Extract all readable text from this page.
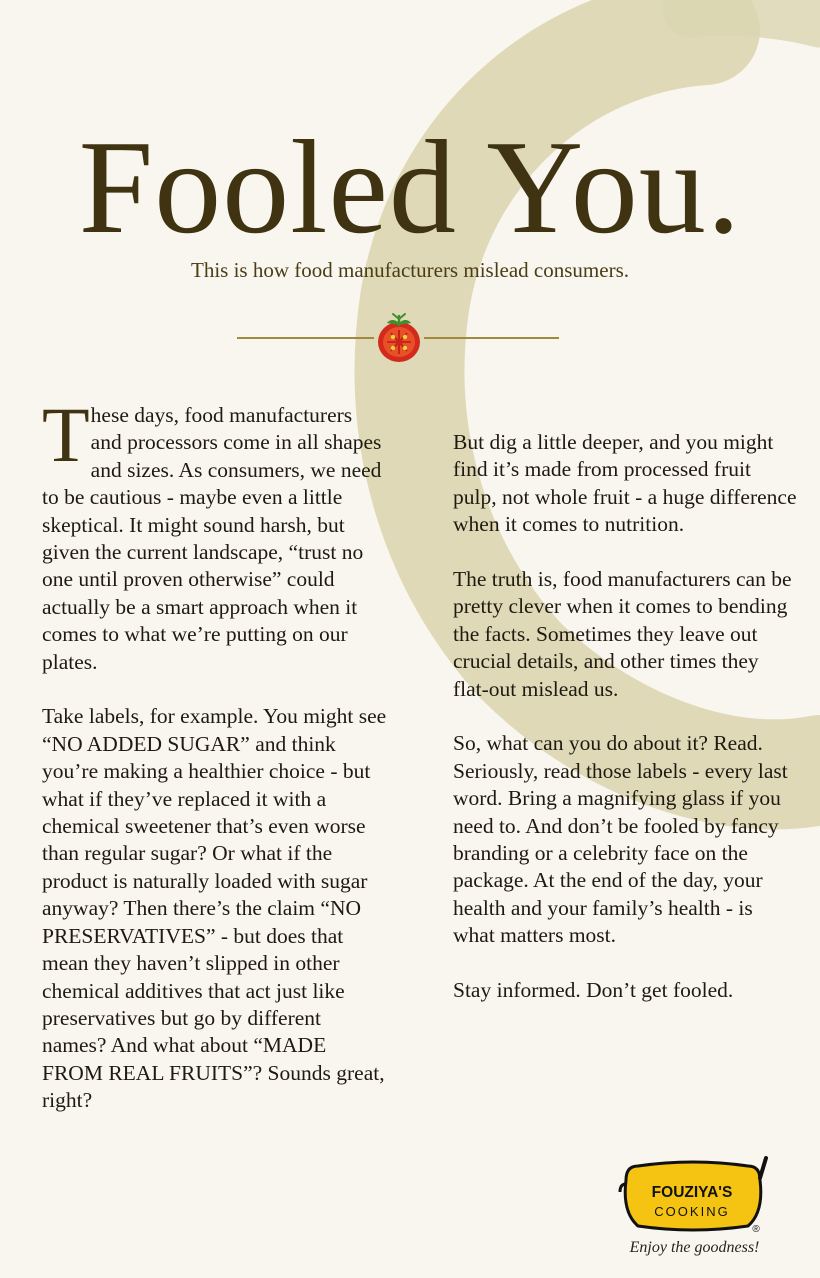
Fooled You.
This is how food manufacturers mislead consumers.

These days, food manufacturers and processors come in all shapes and sizes. As consumers, we need to be cautious - maybe even a little skeptical. It might sound harsh, but given the current landscape, “trust no one until proven otherwise” could actually be a smart approach when it comes to what we’re putting on our plates.

Take labels, for example. You might see “NO ADDED SUGAR” and think you’re making a healthier choice - but what if they’ve replaced it with a chemical sweetener that’s even worse than regular sugar? Or what if the product is naturally loaded with sugar anyway? Then there’s the claim “NO PRESERVATIVES” - but does that mean they haven’t slipped in other chemical additives that act just like preservatives but go by different names? And what about “MADE FROM REAL FRUITS”? Sounds great, right?

But dig a little deeper, and you might find it’s made from processed fruit pulp, not whole fruit - a huge difference when it comes to nutrition.

The truth is, food manufacturers can be pretty clever when it comes to bending the facts. Sometimes they leave out crucial details, and other times they flat-out mislead us.

So, what can you do about it? Read. Seriously, read those labels - every last word. Bring a magnifying glass if you need to. And don’t be fooled by fancy branding or a celebrity face on the package. At the end of the day, your health and your family’s health - is what matters most.

Stay informed. Don’t get fooled.

FOUZIYA'S
COOKING
®
Enjoy the goodness!
